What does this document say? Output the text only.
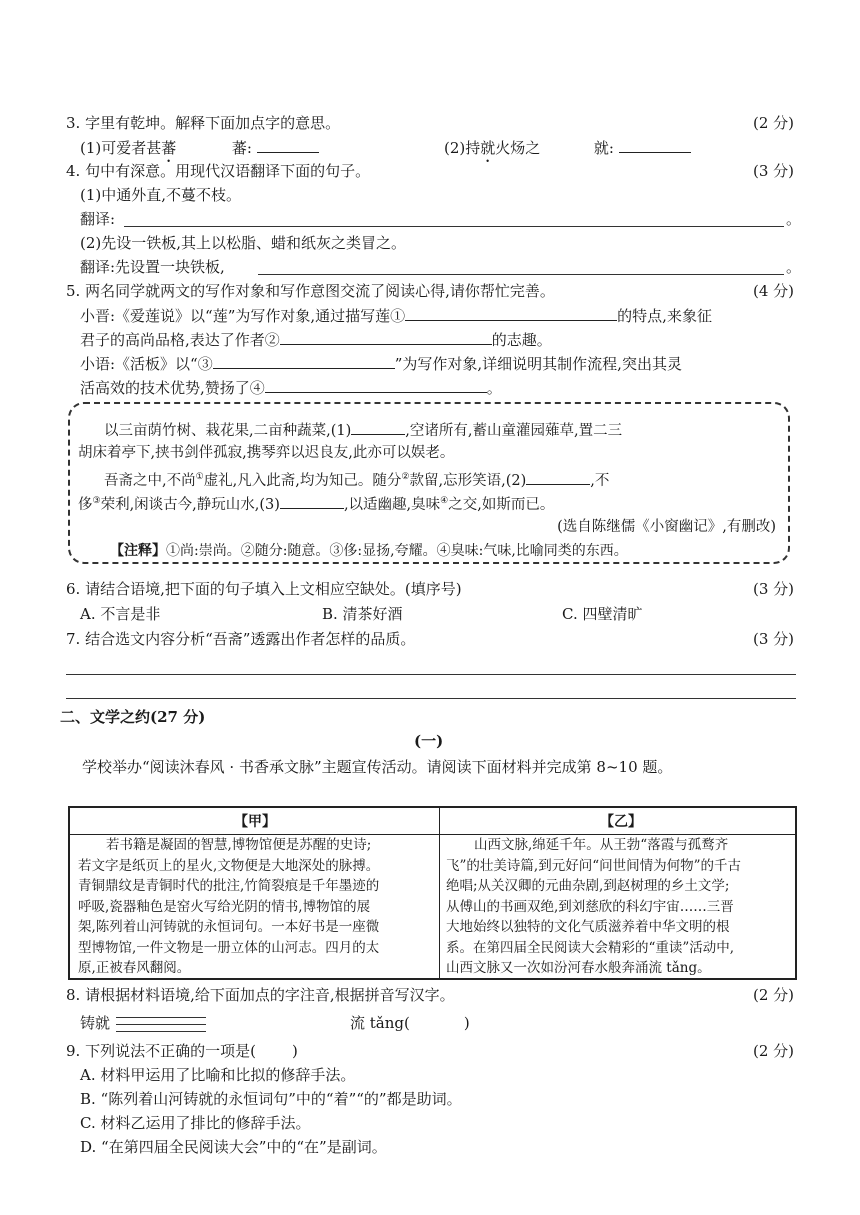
3. 字里有乾坤。解释下面加点字的意思。	(2 分)
(1)可爱者甚蕃	蕃:	(2)持就火炀之	就:
4. 句中有深意。用现代汉语翻译下面的句子。	(3 分)
(1)中通外直,不蔓不枝。
翻译:	。
(2)先设一铁板,其上以松脂、蜡和纸灰之类冒之。
翻译:先设置一块铁板,	。
5. 两名同学就两文的写作对象和写作意图交流了阅读心得,请你帮忙完善。	(4 分)
小晋:《爱莲说》以“莲”为写作对象,通过描写莲①	的特点,来象征
君子的高尚品格,表达了作者②	的志趣。
小语:《活板》以“③	”为写作对象,详细说明其制作流程,突出其灵
活高效的技术优势,赞扬了④	。
以三亩荫竹树、栽花果,二亩种蔬菜,(1)	,空诸所有,蓄山童灌园薙草,置二三
胡床着亭下,挟书剑伴孤寂,携琴弈以迟良友,此亦可以娱老。
吾斋之中,不尚①虚礼,凡入此斋,均为知己。随分②款留,忘形笑语,(2)	,不
侈③荣利,闲谈古今,静玩山水,(3)	,以适幽趣,臭味④之交,如斯而已。
(选自陈继儒《小窗幽记》,有删改)
【注释】①尚:崇尚。②随分:随意。③侈:显扬,夸耀。④臭味:气味,比喻同类的东西。
6. 请结合语境,把下面的句子填入上文相应空缺处。(填序号)	(3 分)
A. 不言是非	B. 清茶好酒	C. 四壁清旷
7. 结合选文内容分析“吾斋”透露出作者怎样的品质。	(3 分)
二、文学之约(27 分)
(一)
学校举办“阅读沐春风 · 书香承文脉”主题宣传活动。请阅读下面材料并完成第 8~10 题。
【甲】	【乙】
若书籍是凝固的智慧,博物馆便是苏醒的史诗;
若文字是纸页上的星火,文物便是大地深处的脉搏。
青铜鼎纹是青铜时代的批注,竹简裂痕是千年墨迹的
呼吸,瓷器釉色是窑火写给光阴的情书,博物馆的展
架,陈列着山河铸就的永恒词句。一本好书是一座微
型博物馆,一件文物是一册立体的山河志。四月的太
原,正被春风翻阅。
山西文脉,绵延千年。从王勃“落霞与孤鹜齐
飞”的壮美诗篇,到元好问“问世间情为何物”的千古
绝唱;从关汉卿的元曲杂剧,到赵树理的乡土文学;
从傅山的书画双绝,到刘慈欣的科幻宇宙……三晋
大地始终以独特的文化气质滋养着中华文明的根
系。在第四届全民阅读大会精彩的“重读”活动中,
山西文脉又一次如汾河春水般奔涌流 tǎng。
8. 请根据材料语境,给下面加点的字注音,根据拼音写汉字。	(2 分)
铸就	流 tǎng(	)
9. 下列说法不正确的一项是( )	(2 分)
A. 材料甲运用了比喻和比拟的修辞手法。
B. “陈列着山河铸就的永恒词句”中的“着”“的”都是助词。
C. 材料乙运用了排比的修辞手法。
D. “在第四届全民阅读大会”中的“在”是副词。
